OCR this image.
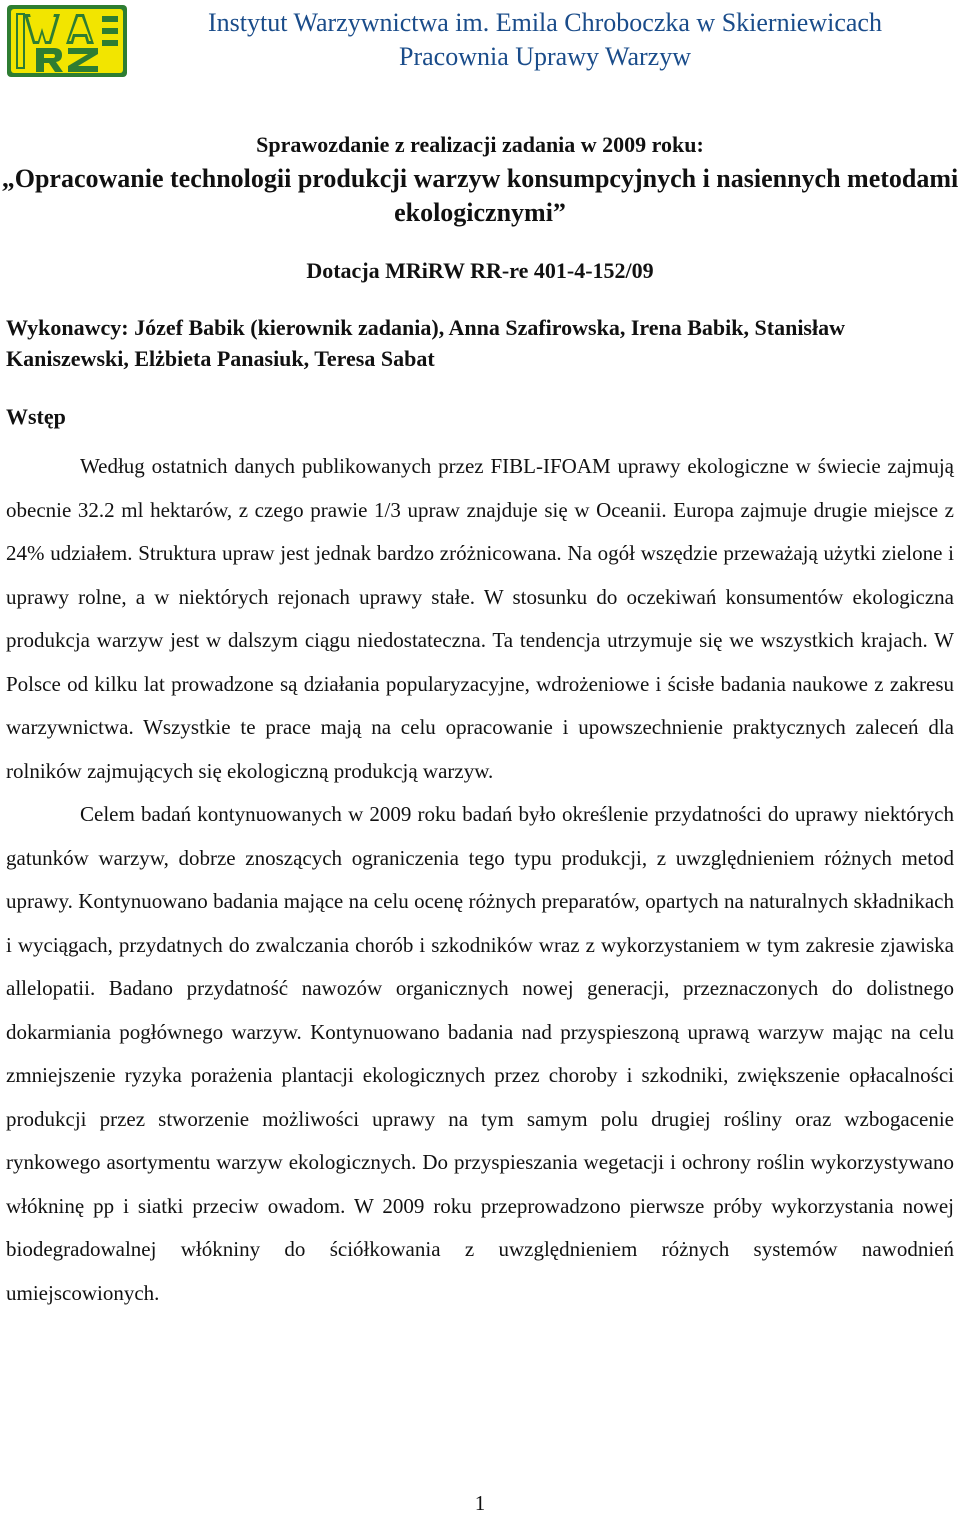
Instytut Warzywnictwa im. Emila Chroboczka w Skierniewicach
Pracownia Uprawy Warzyw
Sprawozdanie z realizacji zadania w 2009 roku:
„Opracowanie technologii produkcji warzyw konsumpcyjnych i nasiennych metodami ekologicznymi”
Dotacja MRiRW RR-re 401-4-152/09
Wykonawcy: Józef Babik (kierownik zadania), Anna Szafirowska, Irena Babik, Stanisław Kaniszewski, Elżbieta Panasiuk, Teresa Sabat
Wstęp

Według ostatnich danych publikowanych przez FIBL-IFOAM uprawy ekologiczne w świecie zajmują obecnie 32.2 ml hektarów, z czego prawie 1/3 upraw znajduje się w Oceanii. Europa zajmuje drugie miejsce z 24% udziałem. Struktura upraw jest jednak bardzo zróżnicowana. Na ogół wszędzie przeważają użytki zielone i uprawy rolne, a w niektórych rejonach uprawy stałe. W stosunku do oczekiwań konsumentów ekologiczna produkcja warzyw jest w dalszym ciągu niedostateczna. Ta tendencja utrzymuje się we wszystkich krajach. W Polsce od kilku lat prowadzone są działania popularyzacyjne, wdrożeniowe i ścisłe badania naukowe z zakresu warzywnictwa. Wszystkie te prace mają na celu opracowanie i upowszechnienie praktycznych zaleceń dla rolników zajmujących się ekologiczną produkcją warzyw.

Celem badań kontynuowanych w 2009 roku badań było określenie przydatności do uprawy niektórych gatunków warzyw, dobrze znoszących ograniczenia tego typu produkcji, z uwzględnieniem różnych metod uprawy. Kontynuowano badania mające na celu ocenę różnych preparatów, opartych na naturalnych składnikach i wyciągach, przydatnych do zwalczania chorób i szkodników wraz z wykorzystaniem w tym zakresie zjawiska allelopatii. Badano przydatność nawozów organicznych nowej generacji, przeznaczonych do dolistnego dokarmiania pogłównego warzyw. Kontynuowano badania nad przyspieszoną uprawą warzyw mając na celu zmniejszenie ryzyka porażenia plantacji ekologicznych przez choroby i szkodniki, zwiększenie opłacalności produkcji przez stworzenie możliwości uprawy na tym samym polu drugiej rośliny oraz wzbogacenie rynkowego asortymentu warzyw ekologicznych. Do przyspieszania wegetacji i ochrony roślin wykorzystywano włókninę pp i siatki przeciw owadom. W 2009 roku przeprowadzono pierwsze próby wykorzystania nowej biodegradowalnej włókniny do ściółkowania z uwzględnieniem różnych systemów nawodnień umiejscowionych.

1
